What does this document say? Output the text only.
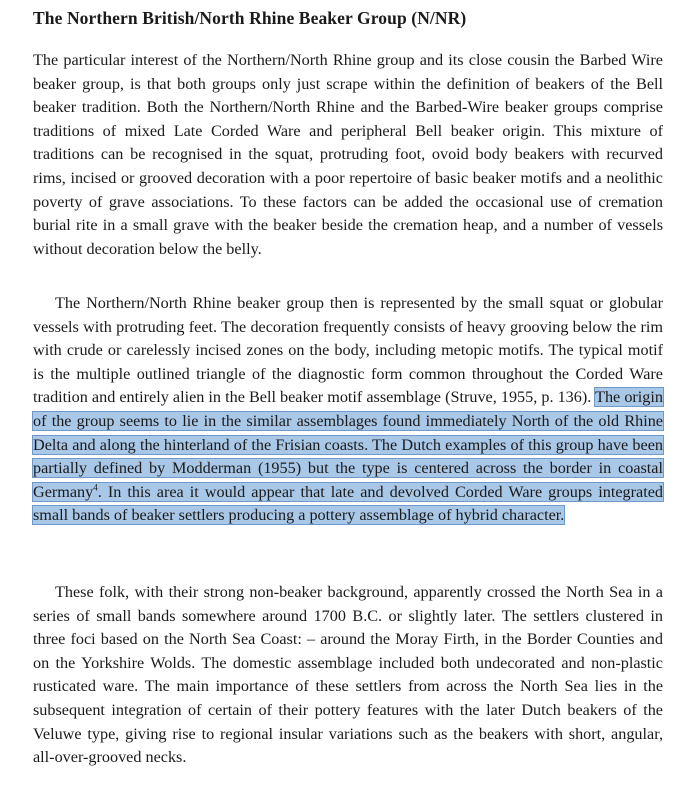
The Northern British/North Rhine Beaker Group (N/NR)

The particular interest of the Northern/North Rhine group and its close cousin the Barbed Wire beaker group, is that both groups only just scrape within the definition of beakers of the Bell beaker tradition. Both the Northern/North Rhine and the Barbed-Wire beaker groups comprise traditions of mixed Late Corded Ware and peripheral Bell beaker origin. This mixture of traditions can be recognised in the squat, protruding foot, ovoid body beakers with recurved rims, incised or grooved decoration with a poor repertoire of basic beaker motifs and a neolithic poverty of grave associations. To these factors can be added the occasional use of cremation burial rite in a small grave with the beaker beside the cremation heap, and a number of vessels without decoration below the belly.

The Northern/North Rhine beaker group then is represented by the small squat or globular vessels with protruding feet. The decoration frequently consists of heavy grooving below the rim with crude or carelessly incised zones on the body, including metopic motifs. The typical motif is the multiple outlined triangle of the diagnostic form common throughout the Corded Ware tradition and entirely alien in the Bell beaker motif assemblage (Struve, 1955, p. 136). The origin of the group seems to lie in the similar assemblages found immediately North of the old Rhine Delta and along the hinterland of the Frisian coasts. The Dutch examples of this group have been partially defined by Modderman (1955) but the type is centered across the border in coastal Germany$^4$. In this area it would appear that late and devolved Corded Ware groups integrated small bands of beaker settlers producing a pottery assemblage of hybrid character.

These folk, with their strong non-beaker background, apparently crossed the North Sea in a series of small bands somewhere around 1700 B.C. or slightly later. The settlers clustered in three foci based on the North Sea Coast: – around the Moray Firth, in the Border Counties and on the Yorkshire Wolds. The domestic assemblage included both undecorated and non-plastic rusticated ware. The main importance of these settlers from across the North Sea lies in the subsequent integration of certain of their pottery features with the later Dutch beakers of the Veluwe type, giving rise to regional insular variations such as the beakers with short, angular, all-over-grooved necks.
